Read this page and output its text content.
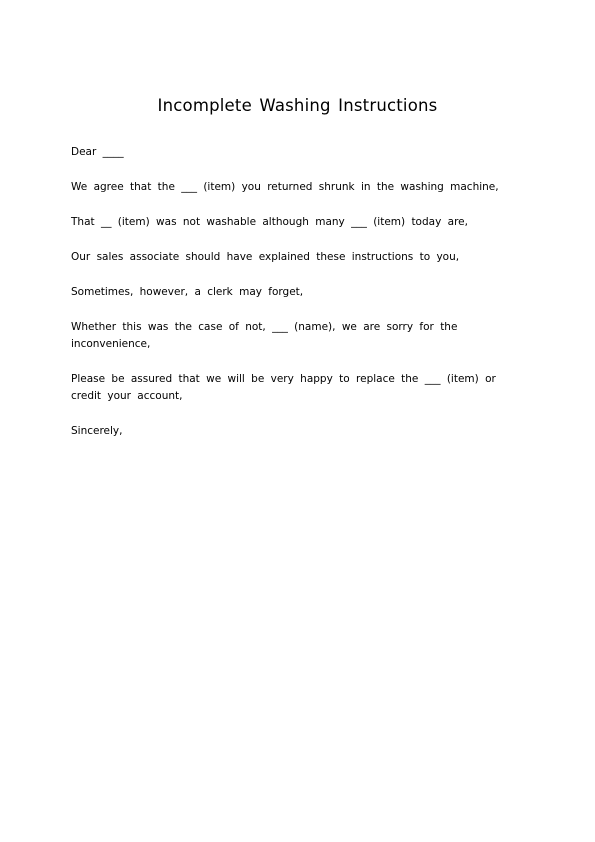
Incomplete Washing Instructions

Dear ____

We agree that the ___ (item) you returned shrunk in the washing machine,

That __ (item) was not washable although many ___ (item) today are,

Our sales associate should have explained these instructions to you,

Sometimes, however, a clerk may forget,

Whether this was the case of not, ___ (name), we are sorry for the inconvenience,

Please be assured that we will be very happy to replace the ___ (item) or credit your account,

Sincerely,
